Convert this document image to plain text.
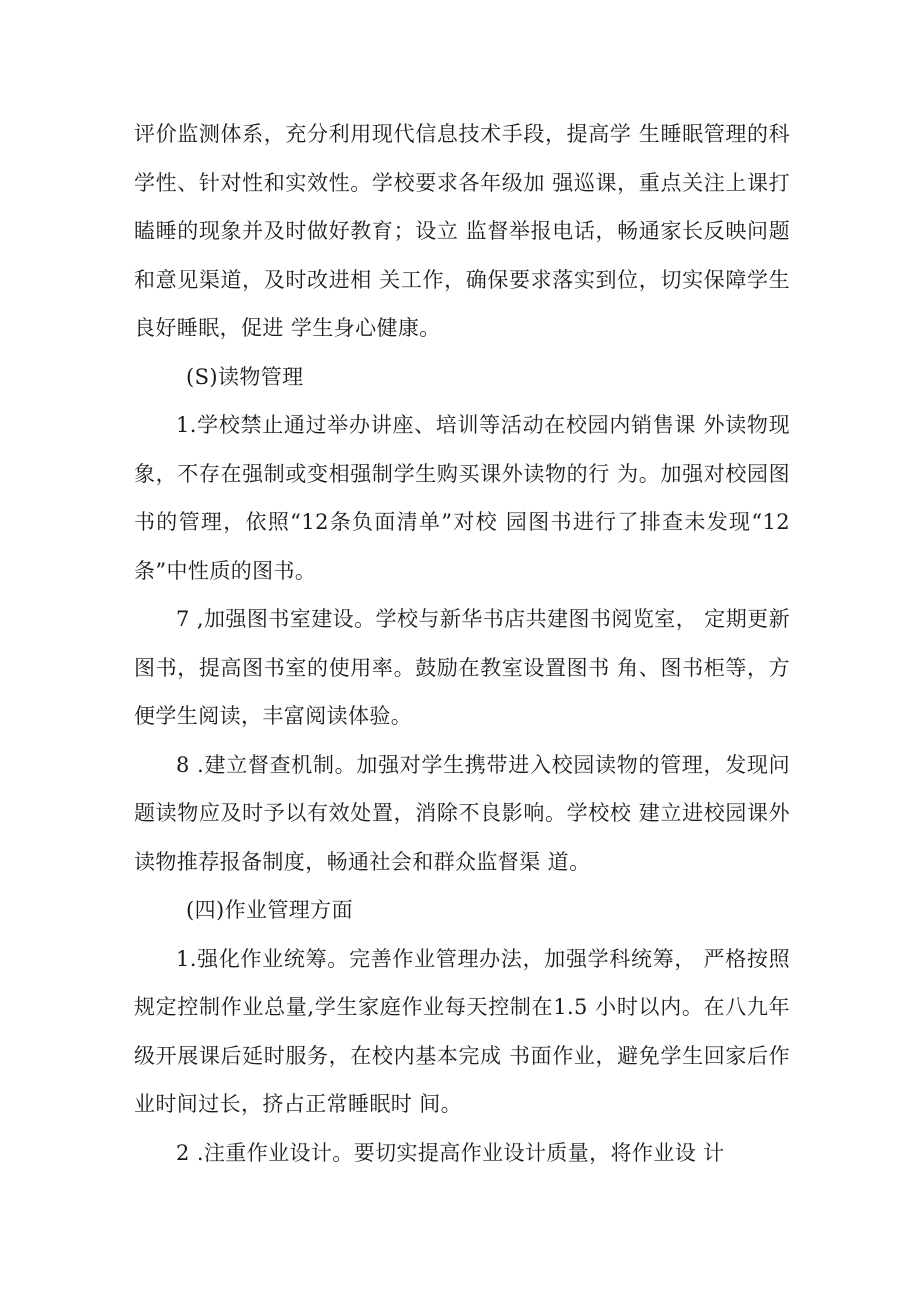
评价监测体系，充分利用现代信息技术手段，提高学 生睡眠管理的科学性、针对性和实效性。学校要求各年级加 强巡课，重点关注上课打瞌睡的现象并及时做好教育；设立 监督举报电话，畅通家长反映问题和意见渠道，及时改进相 关工作，确保要求落实到位，切实保障学生良好睡眠，促进 学生身心健康。

(S)读物管理

1.学校禁止通过举办讲座、培训等活动在校园内销售课 外读物现象，不存在强制或变相强制学生购买课外读物的行 为。加强对校园图书的管理，依照“12条负面清单”对校 园图书进行了排查未发现“12条”中性质的图书。

7 ,加强图书室建设。学校与新华书店共建图书阅览室， 定期更新图书，提高图书室的使用率。鼓励在教室设置图书 角、图书柜等，方便学生阅读，丰富阅读体验。

8 .建立督查机制。加强对学生携带进入校园读物的管理，发现问题读物应及时予以有效处置，消除不良影响。学校校 建立进校园课外读物推荐报备制度，畅通社会和群众监督渠 道。

(四)作业管理方面

1.强化作业统筹。完善作业管理办法，加强学科统筹， 严格按照规定控制作业总量,学生家庭作业每天控制在1.5 小时以内。在八九年级开展课后延时服务，在校内基本完成 书面作业，避免学生回家后作业时间过长，挤占正常睡眠时 间。

2 .注重作业设计。要切实提高作业设计质量，将作业设 计
